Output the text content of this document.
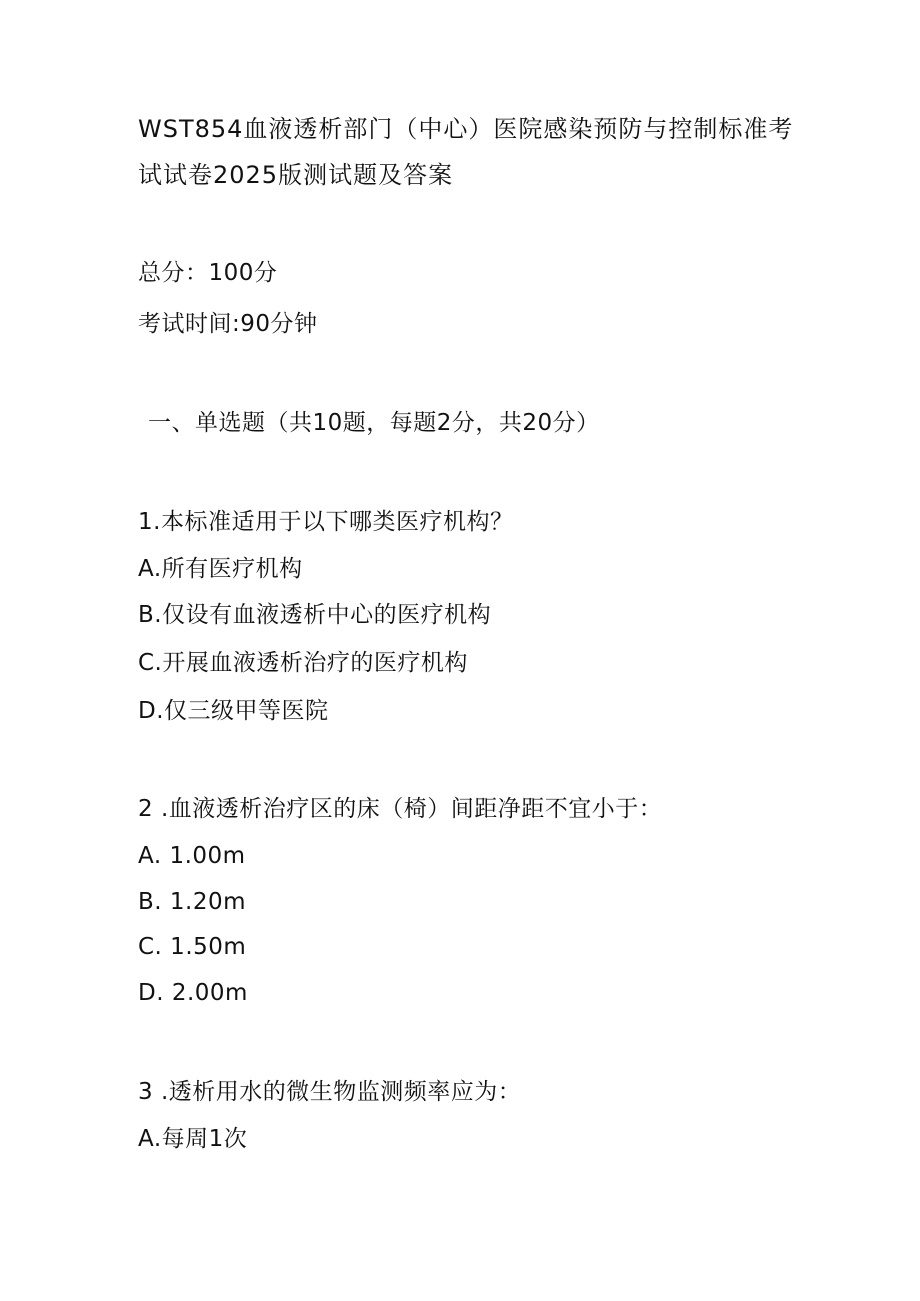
WST854血液透析部门（中心）医院感染预防与控制标准考
试试卷2025版测试题及答案
总分：100分
考试时间:90分钟
一、单选题（共10题，每题2分，共20分）
1.本标准适用于以下哪类医疗机构？
A.所有医疗机构
B.仅设有血液透析中心的医疗机构
C.开展血液透析治疗的医疗机构
D.仅三级甲等医院
2 .血液透析治疗区的床（椅）间距净距不宜小于：
A. 1.00m
B. 1.20m
C. 1.50m
D. 2.00m
3 .透析用水的微生物监测频率应为：
A.每周1次
